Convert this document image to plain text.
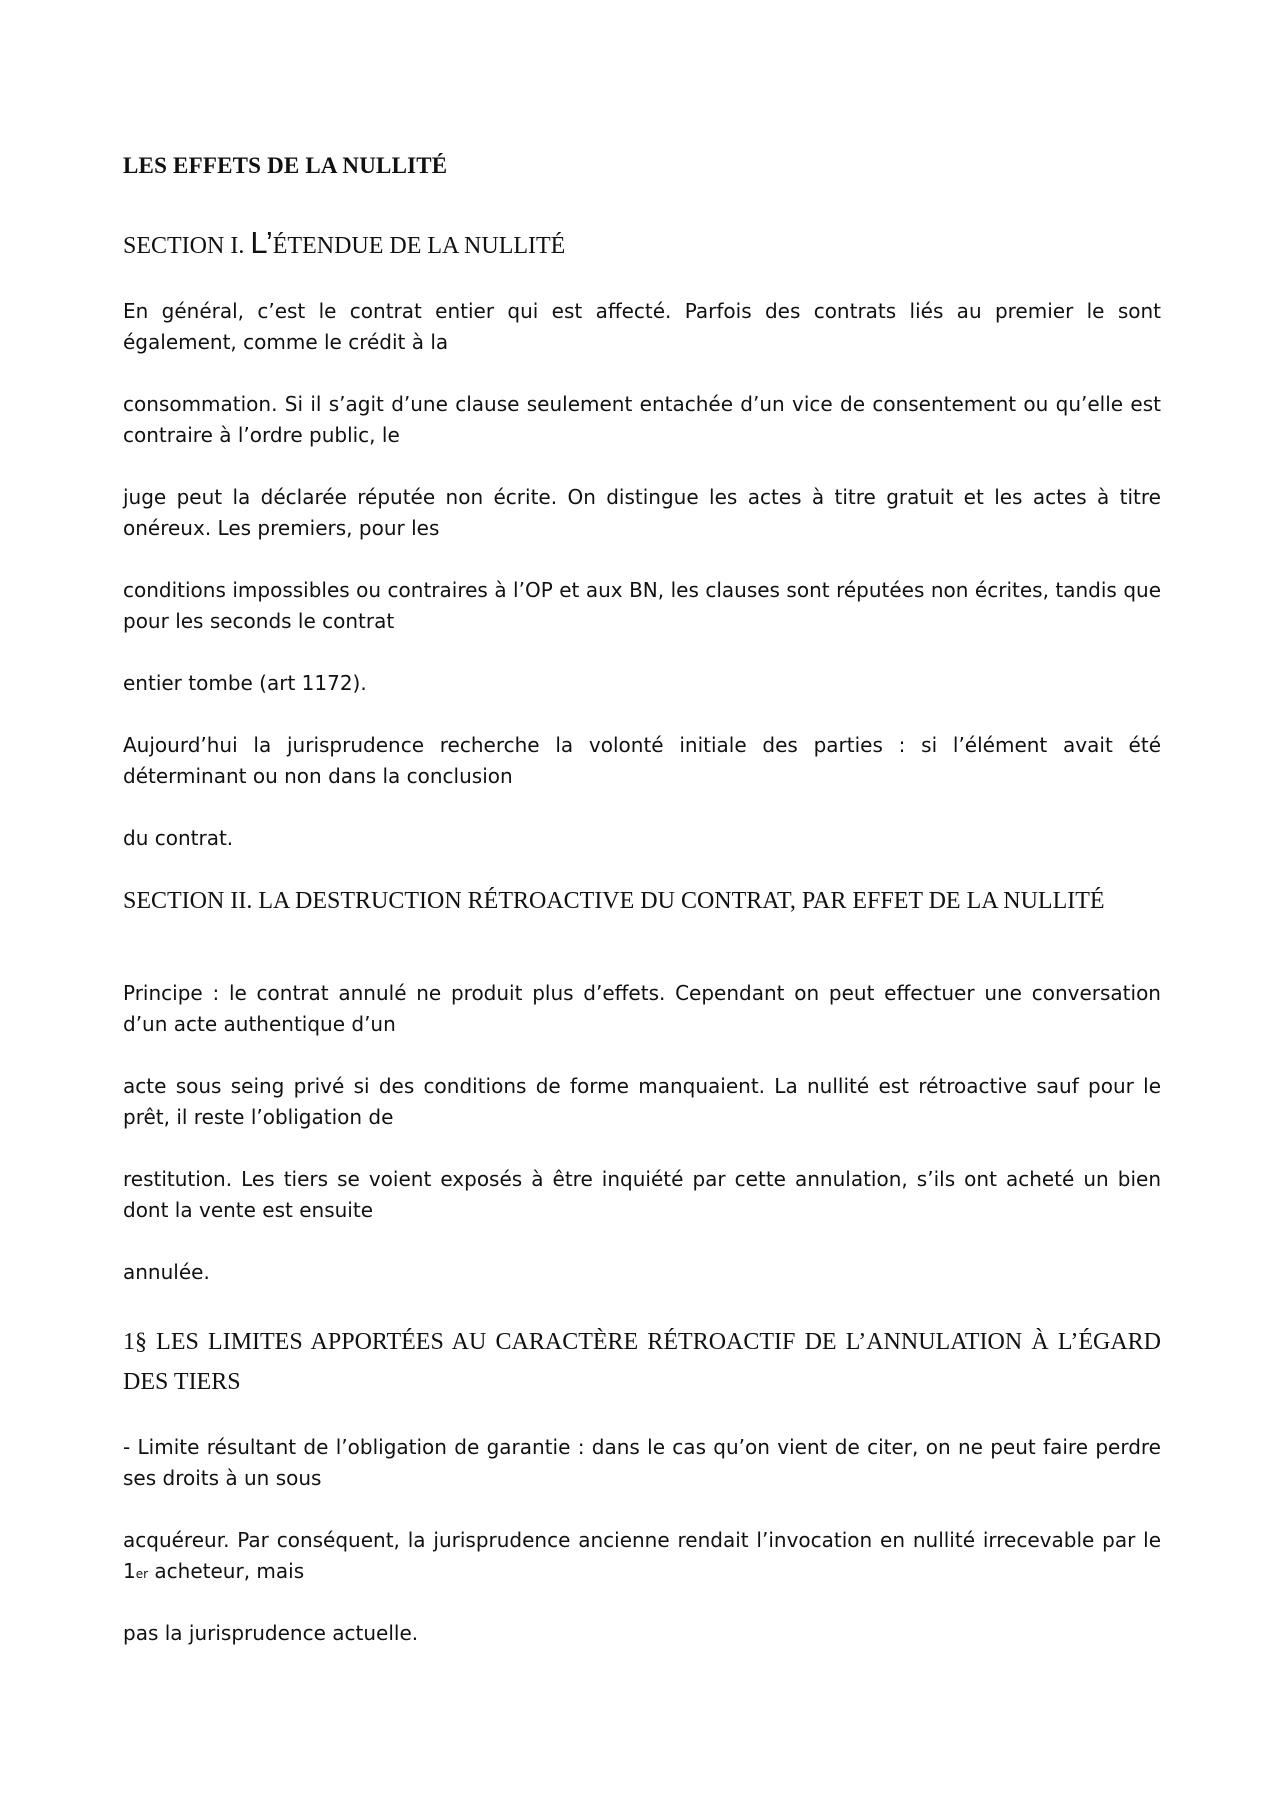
LES EFFETS DE LA NULLITÉ
SECTION I. L’ÉTENDUE DE LA NULLITÉ

En général, c’est le contrat entier qui est affecté. Parfois des contrats liés au premier le sont également, comme le crédit à la

consommation. Si il s’agit d’une clause seulement entachée d’un vice de consentement ou qu’elle est contraire à l’ordre public, le

juge peut la déclarée réputée non écrite. On distingue les actes à titre gratuit et les actes à titre onéreux. Les premiers, pour les

conditions impossibles ou contraires à l’OP et aux BN, les clauses sont réputées non écrites, tandis que pour les seconds le contrat

entier tombe (art 1172).

Aujourd’hui la jurisprudence recherche la volonté initiale des parties : si l’élément avait été déterminant ou non dans la conclusion

du contrat.

SECTION II. LA DESTRUCTION RÉTROACTIVE DU CONTRAT, PAR EFFET DE LA NULLITÉ

Principe : le contrat annulé ne produit plus d’effets. Cependant on peut effectuer une conversation d’un acte authentique d’un

acte sous seing privé si des conditions de forme manquaient. La nullité est rétroactive sauf pour le prêt, il reste l’obligation de

restitution. Les tiers se voient exposés à être inquiété par cette annulation, s’ils ont acheté un bien dont la vente est ensuite

annulée.

1§ LES LIMITES APPORTÉES AU CARACTÈRE RÉTROACTIF DE L’ANNULATION À L’ÉGARD DES TIERS

- Limite résultant de l’obligation de garantie : dans le cas qu’on vient de citer, on ne peut faire perdre ses droits à un sous

acquéreur. Par conséquent, la jurisprudence ancienne rendait l’invocation en nullité irrecevable par le 1er acheteur, mais

pas la jurisprudence actuelle.
